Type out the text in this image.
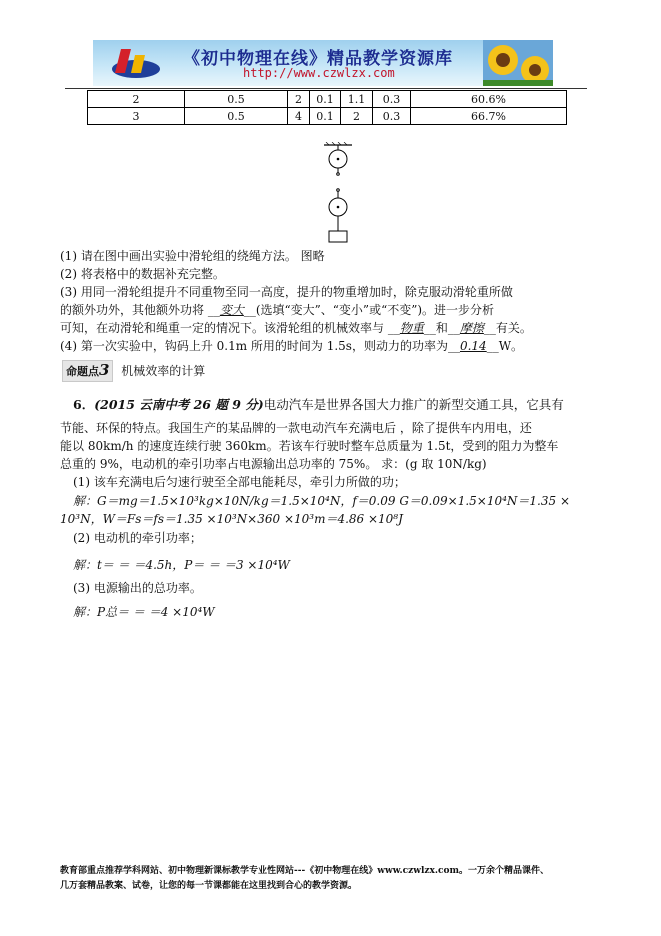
《初中物理在线》精品教学资源库
http://www.czwlzx.com
2	0.5	2	0.1	1.1	0.3	60.6%
3	0.5	4	0.1	2	0.3	66.7%
(1) 请在图中画出实验中滑轮组的绕绳方法。 图略
(2) 将表格中的数据补充完整。
(3) 用同一滑轮组提升不同重物至同一高度，提升的物重增加时，除克服动滑轮重所做
的额外功外，其他额外功将 __变大__(选填“变大”、“变小”或“不变”)。进一步分析
可知，在动滑轮和绳重一定的情况下。该滑轮组的机械效率与 __物重__和__摩擦__有关。
(4) 第一次实验中，钩码上升 0.1m 所用的时间为 1.5s，则动力的功率为__0.14__W。
命题点3 机械效率的计算
6．(2015 云南中考 26 题 9 分)电动汽车是世界各国大力推广的新型交通工具，它具有
节能、环保的特点。我国生产的某品牌的一款电动汽车充满电后 ，除了提供车内用电，还
能以 80km/h 的速度连续行驶 360km。若该车行驶时整车总质量为 1.5t，受到的阻力为整车
总重的 9%，电动机的牵引功率占电源输出总功率的 75%。 求：(g 取 10N/kg)
(1) 该车充满电后匀速行驶至全部电能耗尽，牵引力所做的功；
解：G＝mg＝1.5×10³kg×10N/kg＝1.5×10⁴N，f＝0.09 G＝0.09×1.5×10⁴N＝1.35 ×
10³N，W＝Fs＝fs＝1.35 ×10³N×360 ×10³m＝4.86 ×10⁸J
(2) 电动机的牵引功率；
解：t＝ ＝ ＝4.5h，P＝ ＝ ＝3 ×10⁴W
(3) 电源输出的总功率。
解：P总＝ ＝ ＝4 ×10⁴W
教育部重点推荐学科网站、初中物理新课标教学专业性网站---《初中物理在线》www.czwlzx.com。一万余个精品课件、
几万套精品教案、试卷，让您的每一节课都能在这里找到合心的教学资源。
